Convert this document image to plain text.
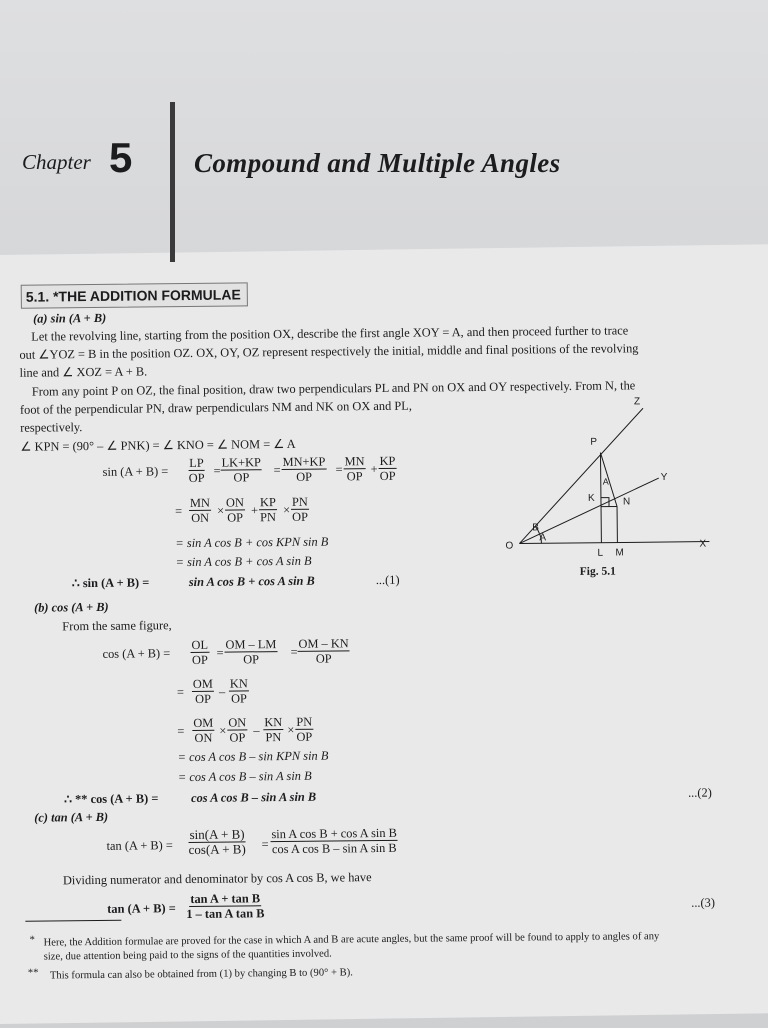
Chapter 5 Compound and Multiple Angles
5.1. *THE ADDITION FORMULAE
(a) sin (A + B)
Let the revolving line, starting from the position OX, describe the first angle XOY = A, and then proceed further to trace
out ∠YOZ = B in the position OZ. OX, OY, OZ represent respectively the initial, middle and final positions of the revolving
line and ∠ XOZ = A + B.
From any point P on OZ, the final position, draw two perpendiculars PL and PN on OX and OY respectively. From N, the
foot of the perpendicular PN, draw perpendiculars NM and NK on OX and PL,
respectively.
∠ KPN = (90° – ∠ PNK) = ∠ KNO = ∠ NOM = ∠ A
$\sin (A + B) = \frac{LP}{OP} = \frac{LK+KP}{OP} = \frac{MN+KP}{OP} = \frac{MN}{OP} + \frac{KP}{OP}$
= $\frac{MN}{ON} \times \frac{ON}{OP} + \frac{KP}{PN} \times \frac{PN}{OP}$
= sin A cos B + cos KPN sin B
= sin A cos B + cos A sin B
∴ sin (A + B) =	sin A cos B + cos A sin B	...(1)
(b) cos (A + B)
From the same figure,
$\cos (A + B) = \frac{OL}{OP} = \frac{OM - LM}{OP} = \frac{OM - KN}{OP}$
= $\frac{OM}{OP} - \frac{KN}{OP}$
= $\frac{OM}{ON} \times \frac{ON}{OP} - \frac{KN}{PN} \times \frac{PN}{OP}$
= cos A cos B – sin KPN sin B
= cos A cos B – sin A sin B
∴ ** cos (A + B) =	cos A cos B – sin A sin B	...(2)
(c) tan (A + B)
$\tan (A + B) = \frac{\sin(A + B)}{\cos(A + B)} = \frac{\text{sin A cos B + cos A sin B}}{\text{cos A cos B – sin A sin B}}$
Dividing numerator and denominator by cos A cos B, we have
$\tan (A + B) = \frac{\text{tan A + tan B}}{\text{1 – tan A tan B}}$	...(3)
* Here, the Addition formulae are proved for the case in which A and B are acute angles, but the same proof will be found to apply to angles of any
size, due attention being paid to the signs of the quantities involved.
** This formula can also be obtained from (1) by changing B to (90° + B).
Z
P
Y
A
K	N
B
A
O
L M
X
Fig. 5.1
